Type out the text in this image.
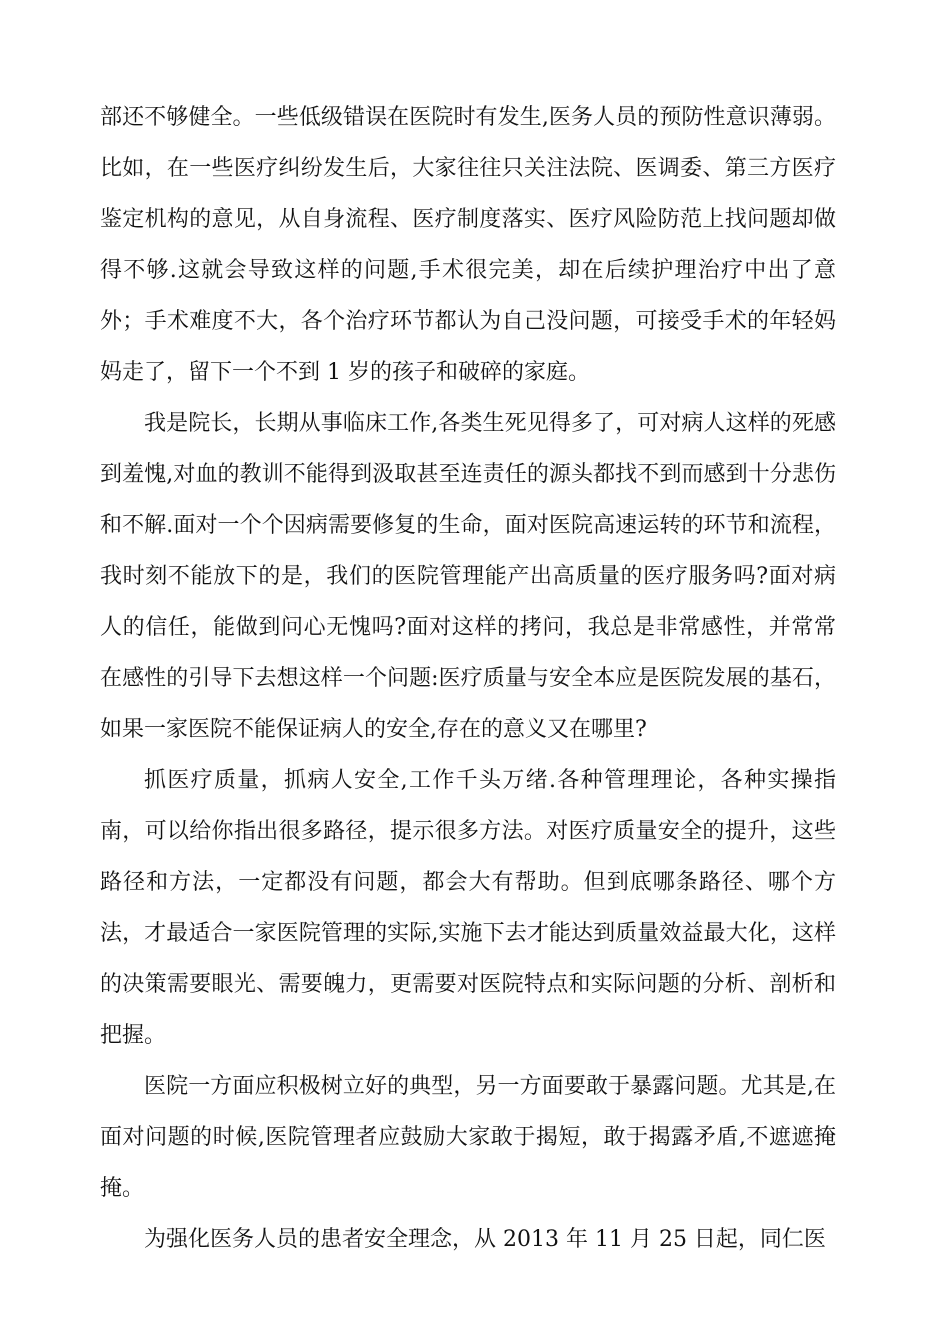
部还不够健全。一些低级错误在医院时有发生,医务人员的预防性意识薄弱。比如，在一些医疗纠纷发生后，大家往往只关注法院、医调委、第三方医疗鉴定机构的意见，从自身流程、医疗制度落实、医疗风险防范上找问题却做得不够.这就会导致这样的问题,手术很完美，却在后续护理治疗中出了意外；手术难度不大，各个治疗环节都认为自己没问题，可接受手术的年轻妈妈走了，留下一个不到 1 岁的孩子和破碎的家庭。

我是院长，长期从事临床工作,各类生死见得多了，可对病人这样的死感到羞愧,对血的教训不能得到汲取甚至连责任的源头都找不到而感到十分悲伤和不解.面对一个个因病需要修复的生命，面对医院高速运转的环节和流程，我时刻不能放下的是，我们的医院管理能产出高质量的医疗服务吗?面对病人的信任，能做到问心无愧吗?面对这样的拷问，我总是非常感性，并常常在感性的引导下去想这样一个问题:医疗质量与安全本应是医院发展的基石，如果一家医院不能保证病人的安全,存在的意义又在哪里?

抓医疗质量，抓病人安全,工作千头万绪.各种管理理论，各种实操指南，可以给你指出很多路径，提示很多方法。对医疗质量安全的提升，这些路径和方法，一定都没有问题，都会大有帮助。但到底哪条路径、哪个方法，才最适合一家医院管理的实际,实施下去才能达到质量效益最大化，这样的决策需要眼光、需要魄力，更需要对医院特点和实际问题的分析、剖析和把握。

医院一方面应积极树立好的典型，另一方面要敢于暴露问题。尤其是,在面对问题的时候,医院管理者应鼓励大家敢于揭短，敢于揭露矛盾,不遮遮掩掩。

为强化医务人员的患者安全理念，从 2013 年 11 月 25 日起，同仁医
